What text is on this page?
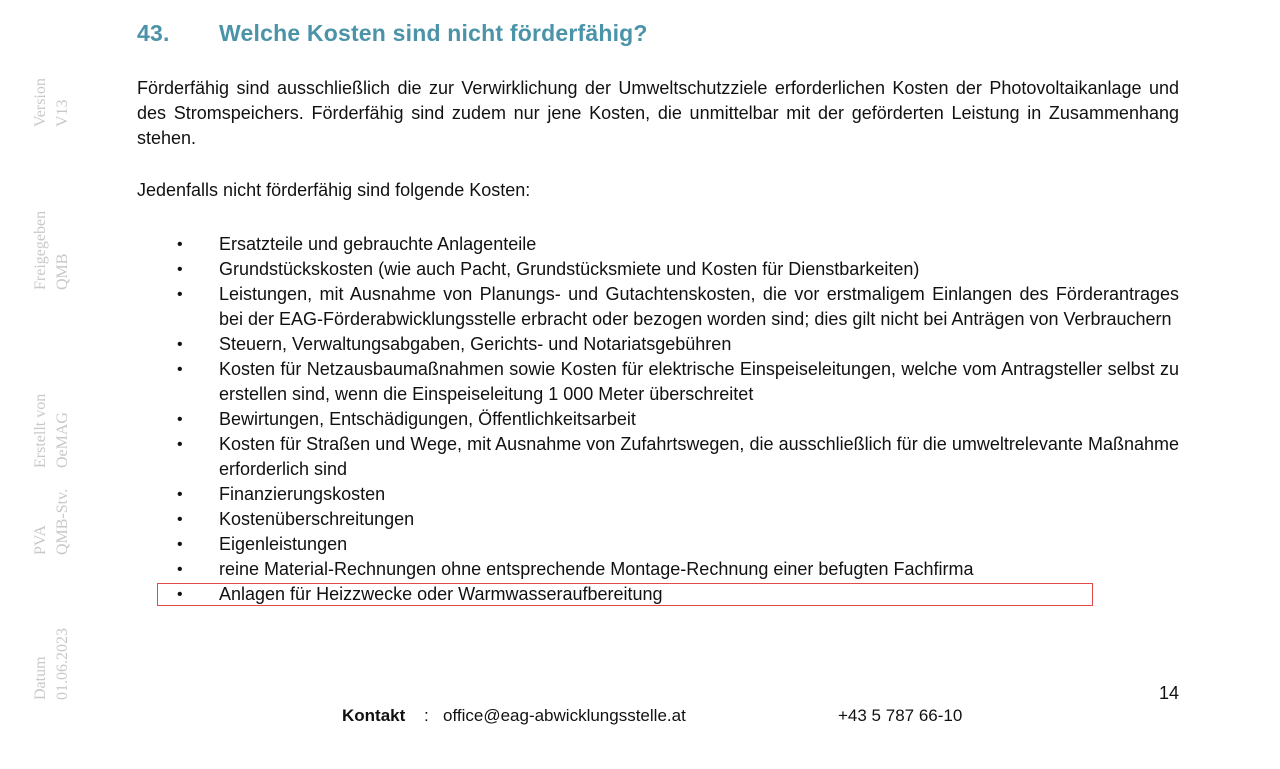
Version V13
Freigegeben QMB
Erstellt von OeMAG
PVA QMB-Stv.
Datum 01.06.2023
43. Welche Kosten sind nicht förderfähig?
Förderfähig sind ausschließlich die zur Verwirklichung der Umweltschutzziele erforderlichen Kosten der Photovoltaikanlage und des Stromspeichers. Förderfähig sind zudem nur jene Kosten, die unmittelbar mit der geförderten Leistung in Zusammenhang stehen.
Jedenfalls nicht förderfähig sind folgende Kosten:
• Ersatzteile und gebrauchte Anlagenteile
• Grundstückskosten (wie auch Pacht, Grundstücksmiete und Kosten für Dienstbarkeiten)
• Leistungen, mit Ausnahme von Planungs- und Gutachtenskosten, die vor erstmaligem Einlangen des Förderantrages bei der EAG-Förderabwicklungsstelle erbracht oder bezogen worden sind; dies gilt nicht bei Anträgen von Verbrauchern
• Steuern, Verwaltungsabgaben, Gerichts- und Notariatsgebühren
• Kosten für Netzausbaumaßnahmen sowie Kosten für elektrische Einspeiseleitungen, welche vom Antragsteller selbst zu erstellen sind, wenn die Einspeiseleitung 1 000 Meter überschreitet
• Bewirtungen, Entschädigungen, Öffentlichkeitsarbeit
• Kosten für Straßen und Wege, mit Ausnahme von Zufahrtswegen, die ausschließlich für die umweltrelevante Maßnahme erforderlich sind
• Finanzierungskosten
• Kostenüberschreitungen
• Eigenleistungen
• reine Material-Rechnungen ohne entsprechende Montage-Rechnung einer befugten Fachfirma
• Anlagen für Heizzwecke oder Warmwasseraufbereitung
14
Kontakt : office@eag-abwicklungsstelle.at	+43 5 787 66-10
